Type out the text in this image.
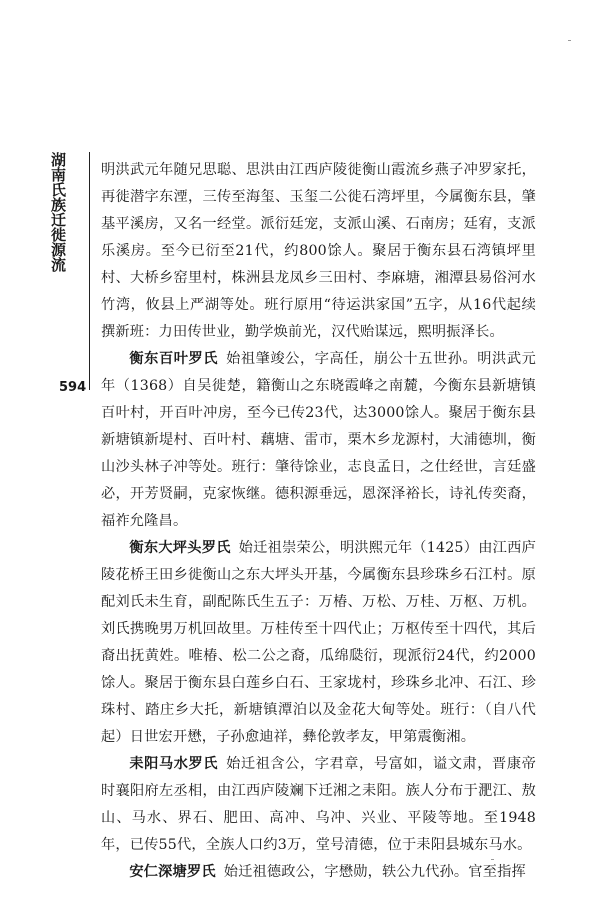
湖南氏族迁徙源流
594

明洪武元年随兄思聪、思洪由江西庐陵徙衡山霞流乡燕子冲罗家托，再徙潜字东湮，三传至海玺、玉玺二公徙石湾坪里，今属衡东县，肇基平溪房，又名一经堂。派衍廷宠，支派山溪、石南房；廷宥，支派乐溪房。至今已衍至21代，约800馀人。聚居于衡东县石湾镇坪里村、大桥乡窑里村，株洲县龙凤乡三田村、李麻塘，湘潭县易俗河水竹湾，攸县上严湖等处。班行原用“待运洪家国”五字，从16代起续撰新班：力田传世业，勤学焕前光，汉代贻谋远，熙明振泽长。

衡东百叶罗氏 始祖肇竣公，字高任，崩公十五世孙。明洪武元年（1368）自吴徙楚，籍衡山之东晓霞峰之南麓，今衡东县新塘镇百叶村，开百叶冲房，至今已传23代，达3000馀人。聚居于衡东县新塘镇新堤村、百叶村、藕塘、雷市，栗木乡龙源村，大浦德圳，衡山沙头林子冲等处。班行：肇待馀业，志良孟日，之仕经世，言廷盛必，开芳贤嗣，克家恢继。德积源垂远，恩深泽裕长，诗礼传奕裔，福祚允隆昌。

衡东大坪头罗氏 始迁祖崇荣公，明洪熙元年（1425）由江西庐陵花桥王田乡徙衡山之东大坪头开基，今属衡东县珍珠乡石江村。原配刘氏未生育，副配陈氏生五子：万椿、万松、万桂、万枢、万机。刘氏携晚男万机回故里。万桂传至十四代止；万枢传至十四代，其后裔出抚黄姓。唯椿、松二公之裔，瓜绵瓞衍，现派衍24代，约2000馀人。聚居于衡东县白莲乡白石、王家垅村，珍珠乡北冲、石江、珍珠村、踏庄乡大托，新塘镇潭泊以及金花大甸等处。班行：（自八代起）日世宏开懋，子孙愈迪祥，彝伦敦孝友，甲第震衡湘。

耒阳马水罗氏 始迁祖含公，字君章，号富如，谥文肃，晋康帝时襄阳府左丞相，由江西庐陵斓下迁湘之耒阳。族人分布于淝江、敖山、马水、界石、肥田、高冲、乌冲、兴业、平陵等地。至1948年，已传55代，全族人口约3万，堂号清德，位于耒阳县城东马水。

安仁深塘罗氏 始迁祖德政公，字懋勋，轶公九代孙。官至指挥
